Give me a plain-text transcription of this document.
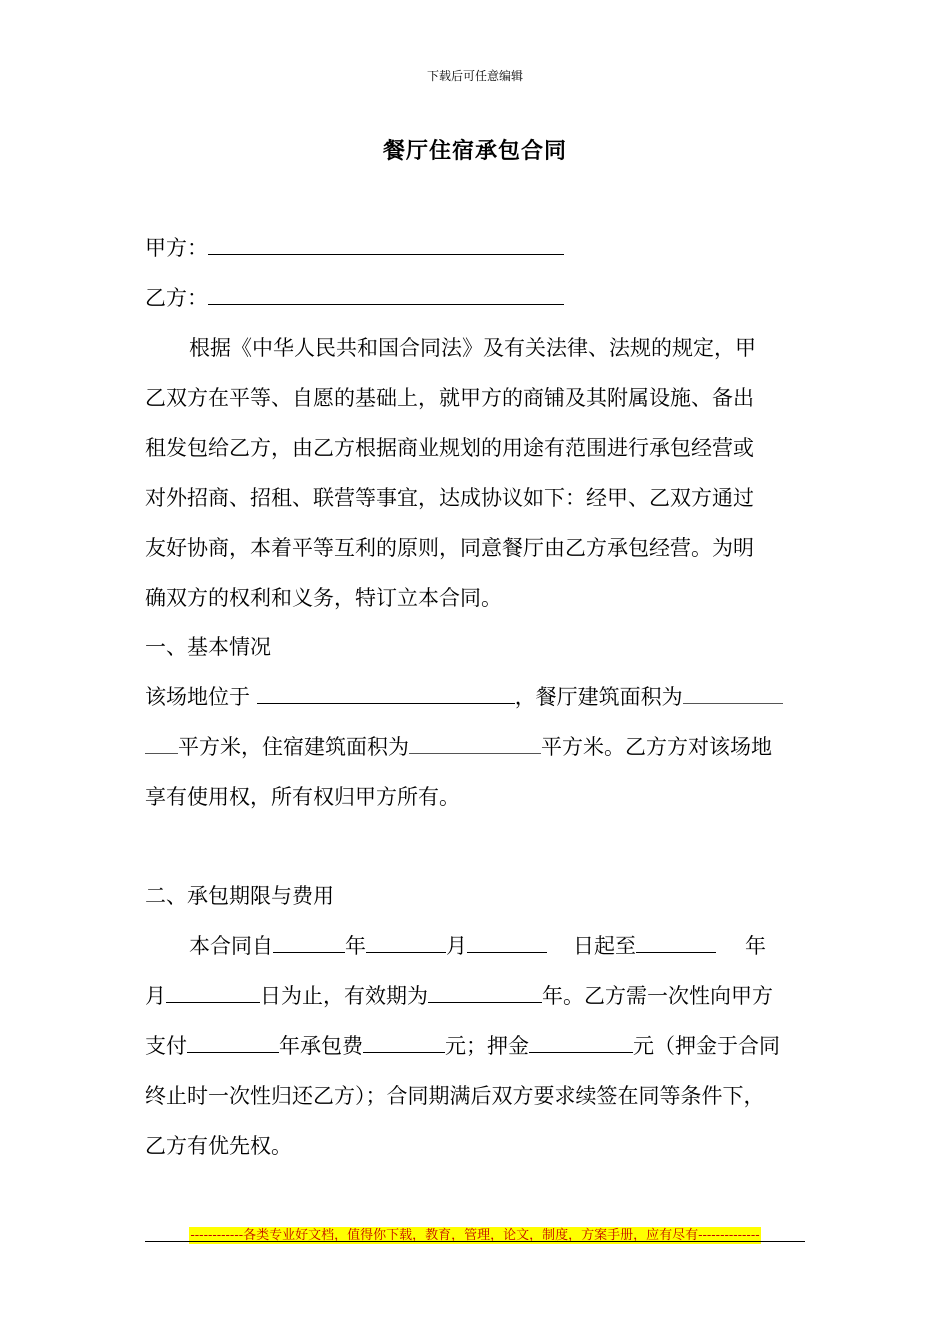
下载后可任意编辑
餐厅住宿承包合同
甲方：
乙方：
根据《中华人民共和国合同法》及有关法律、法规的规定，甲
乙双方在平等、自愿的基础上，就甲方的商铺及其附属设施、备出
租发包给乙方，由乙方根据商业规划的用途有范围进行承包经营或
对外招商、招租、联营等事宜，达成协议如下：经甲、乙双方通过
友好协商，本着平等互利的原则，同意餐厅由乙方承包经营。为明
确双方的权利和义务，特订立本合同。
一、基本情况
该场地位于	，餐厅建筑面积为
平方米，住宿建筑面积为	平方米。乙方方对该场地
享有使用权，所有权归甲方所有。
二、承包期限与费用
本合同自	年	月	日起至	年
月	日为止，有效期为	年。乙方需一次性向甲方
支付	年承包费	元；押金	元（押金于合同
终止时一次性归还乙方）；合同期满后双方要求续签在同等条件下，
乙方有优先权。
------------各类专业好文档，值得你下载，教育，管理，论文，制度，方案手册，应有尽有--------------
